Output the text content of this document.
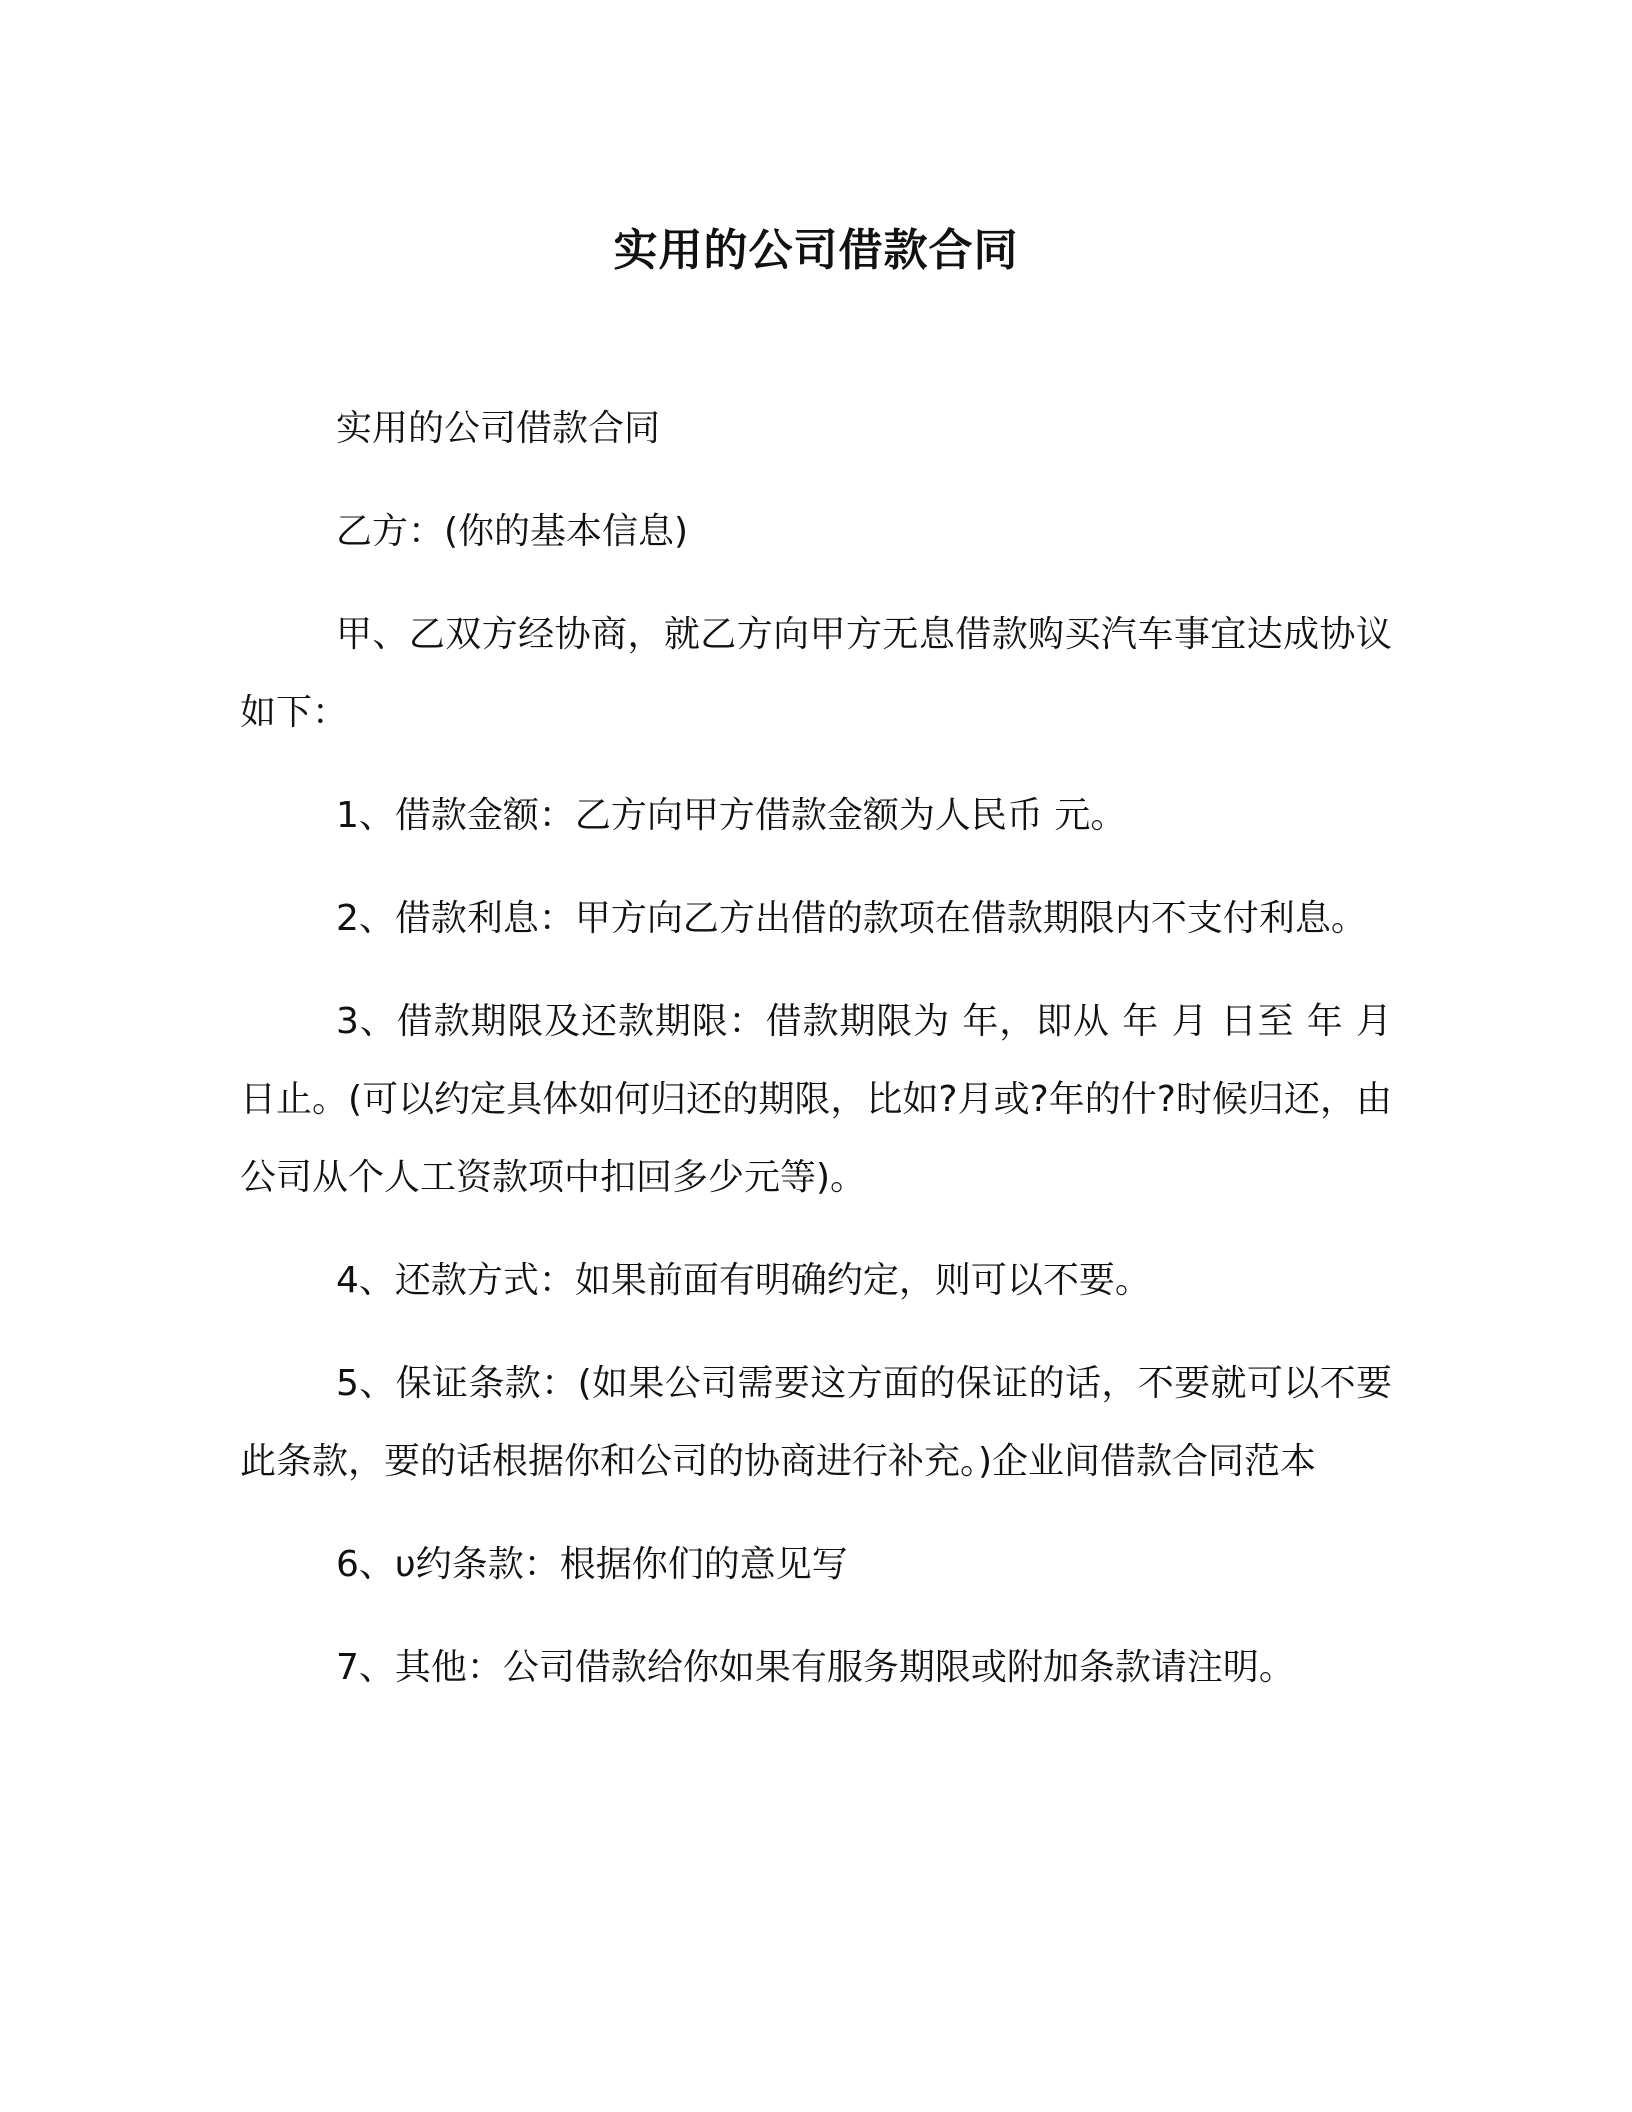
实用的公司借款合同

实用的公司借款合同

乙方：(你的基本信息)

甲、乙双方经协商，就乙方向甲方无息借款购买汽车事宜达成协议如下：

1、借款金额：乙方向甲方借款金额为人民币 元。

2、借款利息：甲方向乙方出借的款项在借款期限内不支付利息。

3、借款期限及还款期限：借款期限为 年，即从 年 月 日至 年 月 日止。(可以约定具体如何归还的期限，比如?月或?年的什?时候归还，由公司从个人工资款项中扣回多少元等)。

4、还款方式：如果前面有明确约定，则可以不要。

5、保证条款：(如果公司需要这方面的保证的话，不要就可以不要此条款，要的话根据你和公司的协商进行补充。)企业间借款合同范本

6、υ约条款：根据你们的意见写

7、其他：公司借款给你如果有服务期限或附加条款请注明。
